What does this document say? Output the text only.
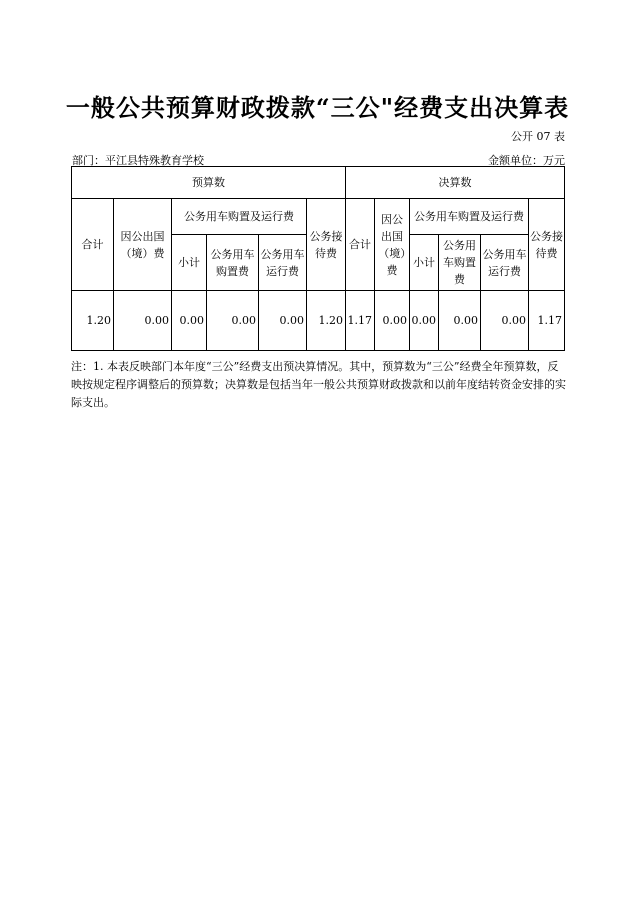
一般公共预算财政拨款“三公"经费支出决算表
公开 07 表
部门：平江县特殊教育学校	金额单位：万元
预算数						决算数					
合计	因公出国（境）费	公务用车购置及运行费			公务接待费	合计	因公出国（境）费	公务用车购置及运行费			公务接待费
		小计	公务用车购置费	公务用车运行费				小计	公务用车购置费	公务用车运行费	
1.20	0.00	0.00	0.00	0.00	1.20	1.17	0.00	0.00	0.00	0.00	1.17
注：1. 本表反映部门本年度“三公”经费支出预决算情况。其中，预算数为“三公”经费全年预算数，反映按规定程序调整后的预算数；决算数是包括当年一般公共预算财政拨款和以前年度结转资金安排的实际支出。
